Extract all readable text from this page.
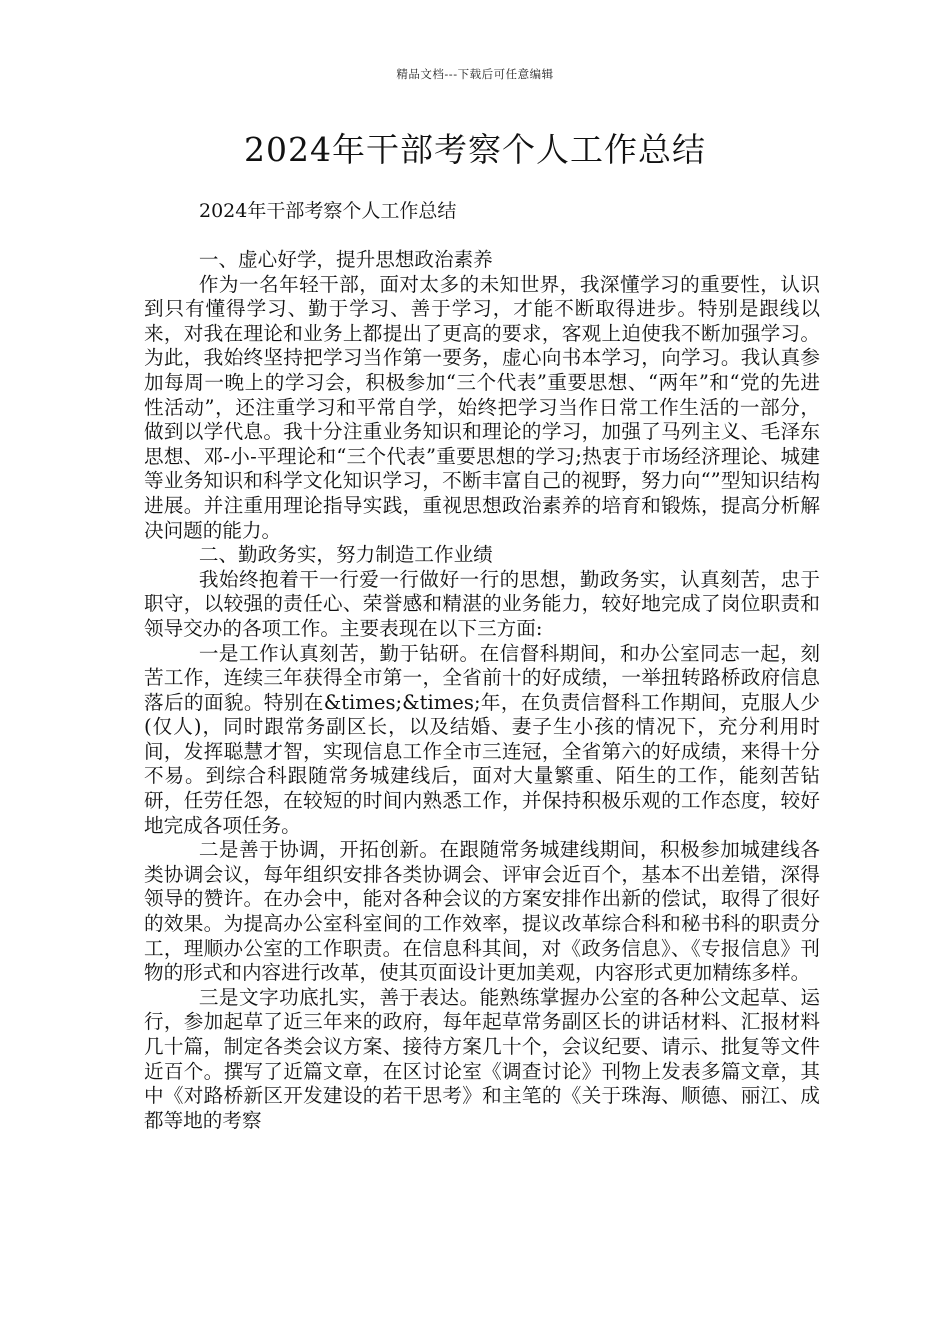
精品文档---下载后可任意编辑
2024年干部考察个人工作总结
2024年干部考察个人工作总结

一、虚心好学，提升思想政治素养

作为一名年轻干部，面对太多的未知世界，我深懂学习的重要性，认识到只有懂得学习、勤于学习、善于学习，才能不断取得进步。特别是跟线以来，对我在理论和业务上都提出了更高的要求，客观上迫使我不断加强学习。为此，我始终坚持把学习当作第一要务，虚心向书本学习，向学习。我认真参加每周一晚上的学习会，积极参加“三个代表”重要思想、“两年”和“党的先进性活动”，还注重学习和平常自学，始终把学习当作日常工作生活的一部分，做到以学代息。我十分注重业务知识和理论的学习，加强了马列主义、毛泽东思想、邓-小-平理论和“三个代表”重要思想的学习;热衷于市场经济理论、城建等业务知识和科学文化知识学习，不断丰富自己的视野，努力向“”型知识结构进展。并注重用理论指导实践，重视思想政治素养的培育和锻炼，提高分析解决问题的能力。

二、勤政务实，努力制造工作业绩

我始终抱着干一行爱一行做好一行的思想，勤政务实，认真刻苦，忠于职守，以较强的责任心、荣誉感和精湛的业务能力，较好地完成了岗位职责和领导交办的各项工作。主要表现在以下三方面:

一是工作认真刻苦，勤于钻研。在信督科期间，和办公室同志一起，刻苦工作，连续三年获得全市第一，全省前十的好成绩，一举扭转路桥政府信息落后的面貌。特别在&times;&times;年，在负责信督科工作期间，克服人少(仅人)，同时跟常务副区长，以及结婚、妻子生小孩的情况下，充分利用时间，发挥聪慧才智，实现信息工作全市三连冠，全省第六的好成绩，来得十分不易。到综合科跟随常务城建线后，面对大量繁重、陌生的工作，能刻苦钻研，任劳任怨，在较短的时间内熟悉工作，并保持积极乐观的工作态度，较好地完成各项任务。

二是善于协调，开拓创新。在跟随常务城建线期间，积极参加城建线各类协调会议，每年组织安排各类协调会、评审会近百个，基本不出差错，深得领导的赞许。在办会中，能对各种会议的方案安排作出新的偿试，取得了很好的效果。为提高办公室科室间的工作效率，提议改革综合科和秘书科的职责分工，理顺办公室的工作职责。在信息科其间，对《政务信息》、《专报信息》刊物的形式和内容进行改革，使其页面设计更加美观，内容形式更加精练多样。

三是文字功底扎实，善于表达。能熟练掌握办公室的各种公文起草、运行，参加起草了近三年来的政府，每年起草常务副区长的讲话材料、汇报材料几十篇，制定各类会议方案、接待方案几十个，会议纪要、请示、批复等文件近百个。撰写了近篇文章，在区讨论室《调查讨论》刊物上发表多篇文章，其中《对路桥新区开发建设的若干思考》和主笔的《关于珠海、顺德、丽江、成都等地的考察
